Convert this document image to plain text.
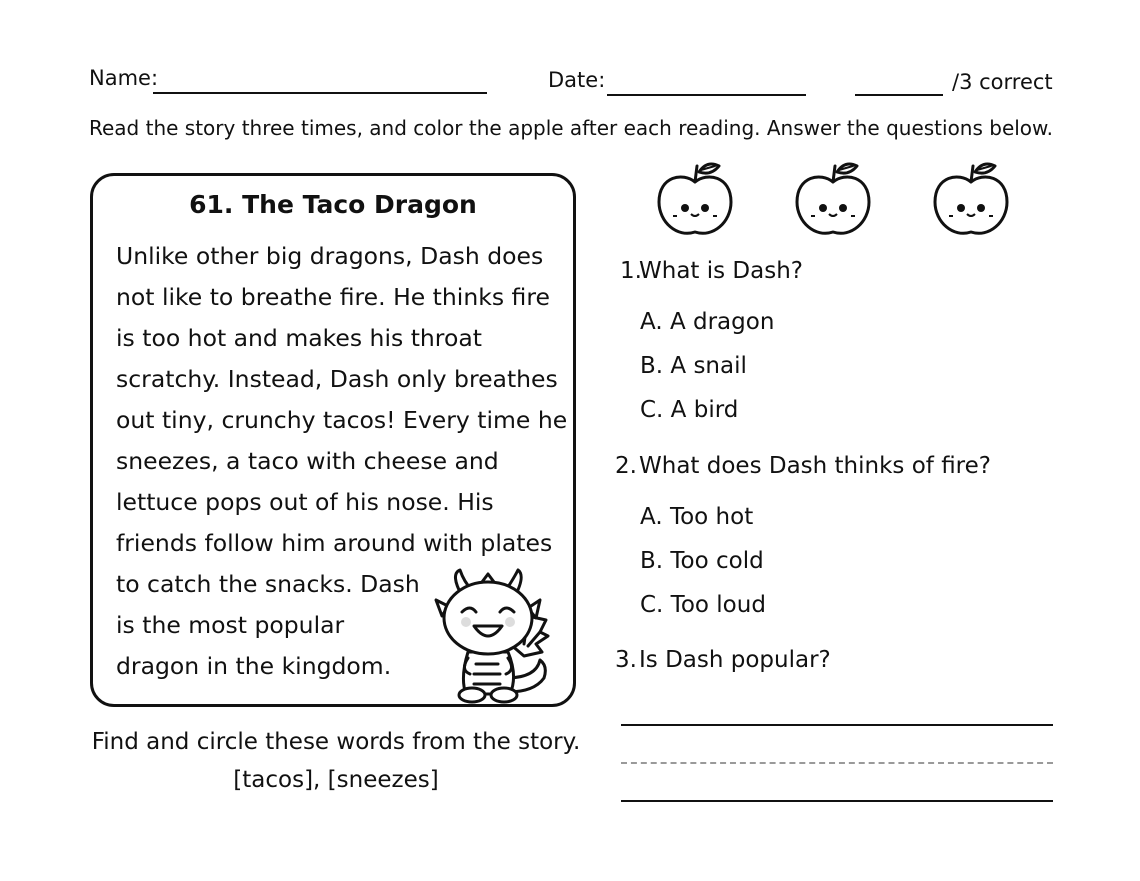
Name:	Date:	/3 correct
Read the story three times, and color the apple after each reading. Answer the questions below.
61. The Taco Dragon
Unlike other big dragons, Dash does
not like to breathe fire. He thinks fire
is too hot and makes his throat
scratchy. Instead, Dash only breathes
out tiny, crunchy tacos! Every time he
sneezes, a taco with cheese and
lettuce pops out of his nose. His
friends follow him around with plates
to catch the snacks. Dash
is the most popular
dragon in the kingdom.
Find and circle these words from the story.
[tacos], [sneezes]
1.
What is Dash?
A. A dragon
B. A snail
C. A bird
2. What does Dash thinks of fire?
A. Too hot
B. Too cold
C. Too loud
3. Is Dash popular?
